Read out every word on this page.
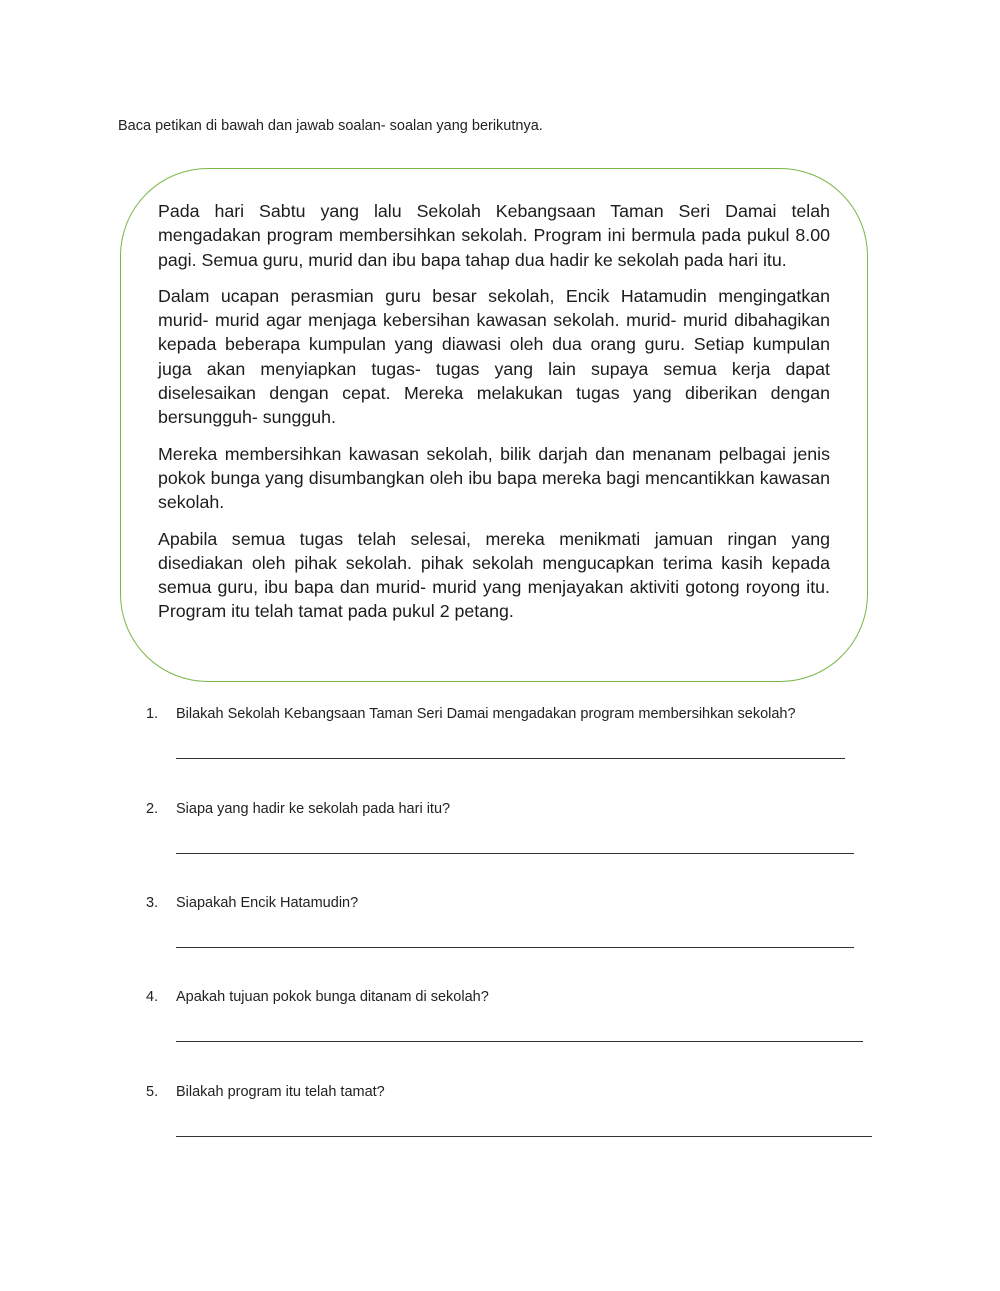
Baca petikan di bawah dan jawab soalan- soalan yang berikutnya.

Pada hari Sabtu yang lalu Sekolah Kebangsaan Taman Seri Damai telah mengadakan program membersihkan sekolah. Program ini bermula pada pukul 8.00 pagi. Semua guru, murid dan ibu bapa tahap dua hadir ke sekolah pada hari itu.

Dalam ucapan perasmian guru besar sekolah, Encik Hatamudin mengingatkan murid- murid agar menjaga kebersihan kawasan sekolah. murid- murid dibahagikan kepada beberapa kumpulan yang diawasi oleh dua orang guru. Setiap kumpulan juga akan menyiapkan tugas- tugas yang lain supaya semua kerja dapat diselesaikan dengan cepat. Mereka melakukan tugas yang diberikan dengan bersungguh- sungguh.

Mereka membersihkan kawasan sekolah, bilik darjah dan menanam pelbagai jenis pokok bunga yang disumbangkan oleh ibu bapa mereka bagi mencantikkan kawasan sekolah.

Apabila semua tugas telah selesai, mereka menikmati jamuan ringan yang disediakan oleh pihak sekolah. pihak sekolah mengucapkan terima kasih kepada semua guru, ibu bapa dan murid- murid yang menjayakan aktiviti gotong royong itu. Program itu telah tamat pada pukul 2 petang.

1. Bilakah Sekolah Kebangsaan Taman Seri Damai mengadakan program membersihkan sekolah?
2. Siapa yang hadir ke sekolah pada hari itu?
3. Siapakah Encik Hatamudin?
4. Apakah tujuan pokok bunga ditanam di sekolah?
5. Bilakah program itu telah tamat?
